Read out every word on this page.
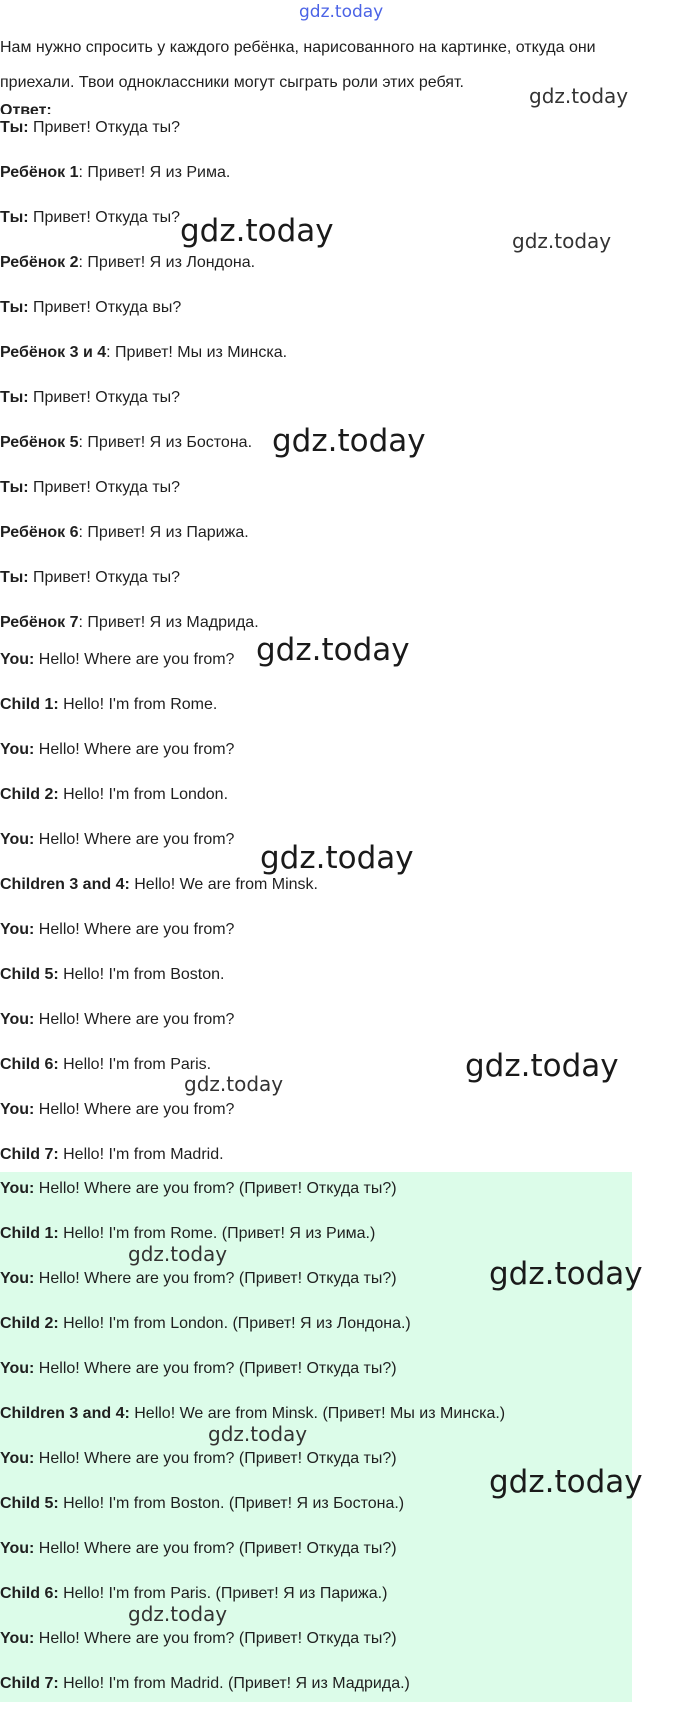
gdz.today

Нам нужно спросить у каждого ребёнка, нарисованного на картинке, откуда они приехали. Твои одноклассники могут сыграть роли этих ребят.

Ответ:

Ты: Привет! Откуда ты?

Ребёнок 1: Привет! Я из Рима.

Ты: Привет! Откуда ты?

Ребёнок 2: Привет! Я из Лондона.

Ты: Привет! Откуда вы?

Ребёнок 3 и 4: Привет! Мы из Минска.

Ты: Привет! Откуда ты?

Ребёнок 5: Привет! Я из Бостона.

Ты: Привет! Откуда ты?

Ребёнок 6: Привет! Я из Парижа.

Ты: Привет! Откуда ты?

Ребёнок 7: Привет! Я из Мадрида.

You: Hello! Where are you from?

Child 1: Hello! I'm from Rome.

You: Hello! Where are you from?

Child 2: Hello! I'm from London.

You: Hello! Where are you from?

Children 3 and 4: Hello! We are from Minsk.

You: Hello! Where are you from?

Child 5: Hello! I'm from Boston.

You: Hello! Where are you from?

Child 6: Hello! I'm from Paris.

You: Hello! Where are you from?

Child 7: Hello! I'm from Madrid.

You: Hello! Where are you from? (Привет! Откуда ты?)

Child 1: Hello! I'm from Rome. (Привет! Я из Рима.)

You: Hello! Where are you from? (Привет! Откуда ты?)

Child 2: Hello! I'm from London. (Привет! Я из Лондона.)

You: Hello! Where are you from? (Привет! Откуда ты?)

Children 3 and 4: Hello! We are from Minsk. (Привет! Мы из Минска.)

You: Hello! Where are you from? (Привет! Откуда ты?)

Child 5: Hello! I'm from Boston. (Привет! Я из Бостона.)

You: Hello! Where are you from? (Привет! Откуда ты?)

Child 6: Hello! I'm from Paris. (Привет! Я из Парижа.)

You: Hello! Where are you from? (Привет! Откуда ты?)

Child 7: Hello! I'm from Madrid. (Привет! Я из Мадрида.)

gdz.today
gdz.today	gdz.today
gdz.today
gdz.today
gdz.today
gdz.today
gdz.today
gdz.today
gdz.today
gdz.today
gdz.today
gdz.today
